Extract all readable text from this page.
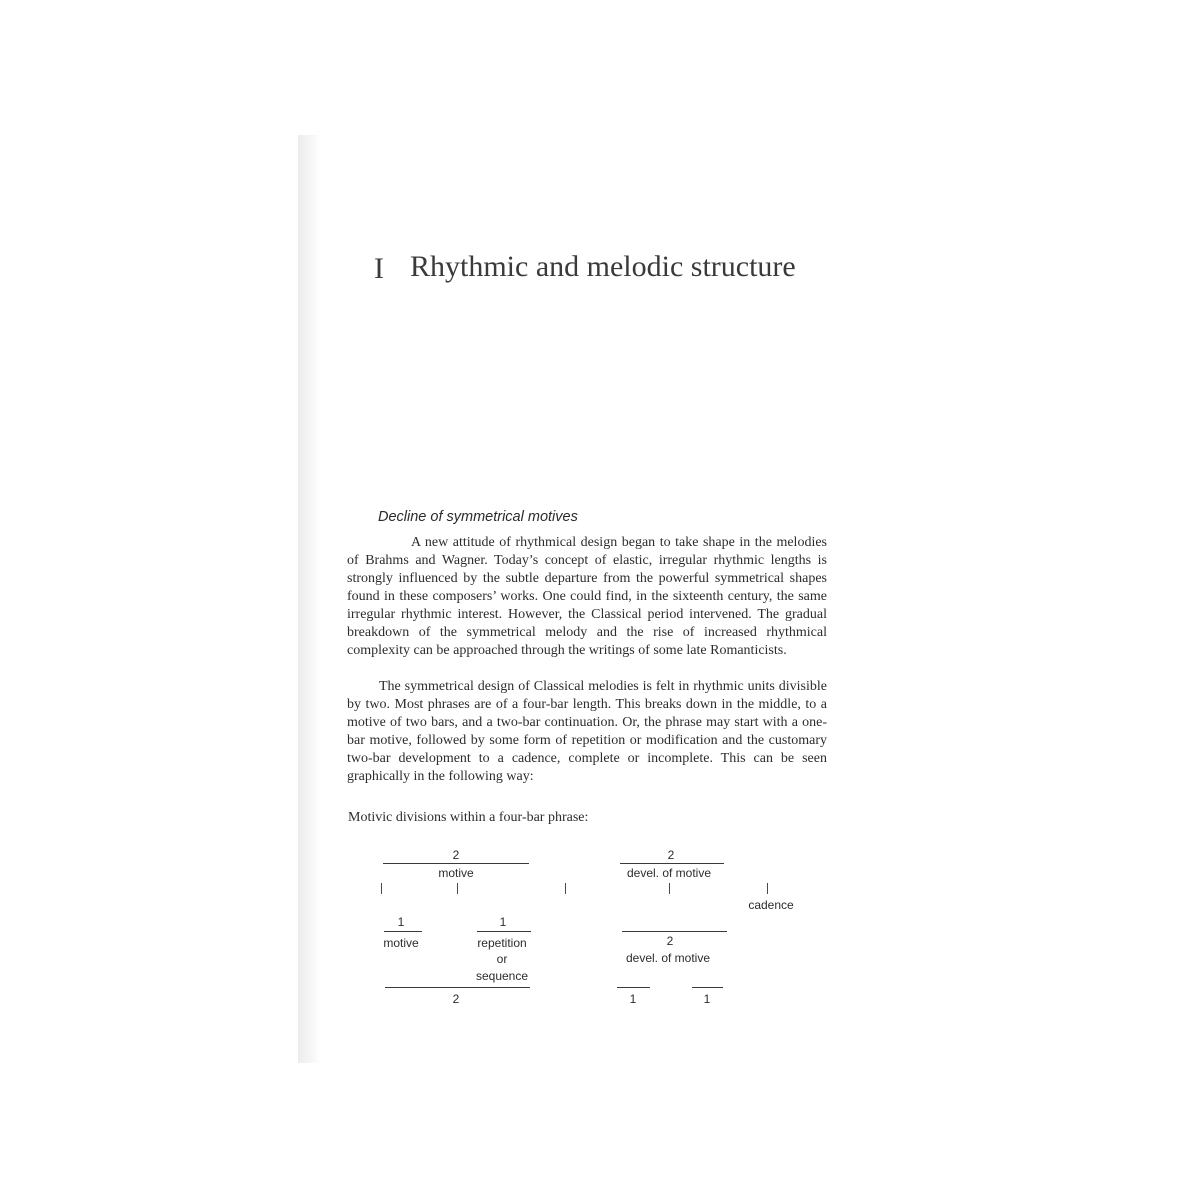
I Rhythmic and melodic structure
Decline of symmetrical motives

A new attitude of rhythmical design began to take shape in the melodies of Brahms and Wagner. Today’s concept of elastic, irregular rhythmic lengths is strongly influenced by the subtle departure from the powerful symmetrical shapes found in these composers’ works. One could find, in the sixteenth century, the same irregular rhythmic interest. However, the Classical period intervened. The gradual breakdown of the symmetrical melody and the rise of increased rhythmical complexity can be approached through the writings of some late Romanticists.

The symmetrical design of Classical melodies is felt in rhythmic units divisible by two. Most phrases are of a four-bar length. This breaks down in the middle, to a motive of two bars, and a two-bar continuation. Or, the phrase may start with a one-bar motive, followed by some form of repetition or modification and the customary two-bar development to a cadence, complete or incomplete. This can be seen graphically in the following way:

Motivic divisions within a four-bar phrase:
2
motive
2
devel. of motive
cadence
1
motive
1
repetition
or
sequence
2
devel. of motive
2	1	1
